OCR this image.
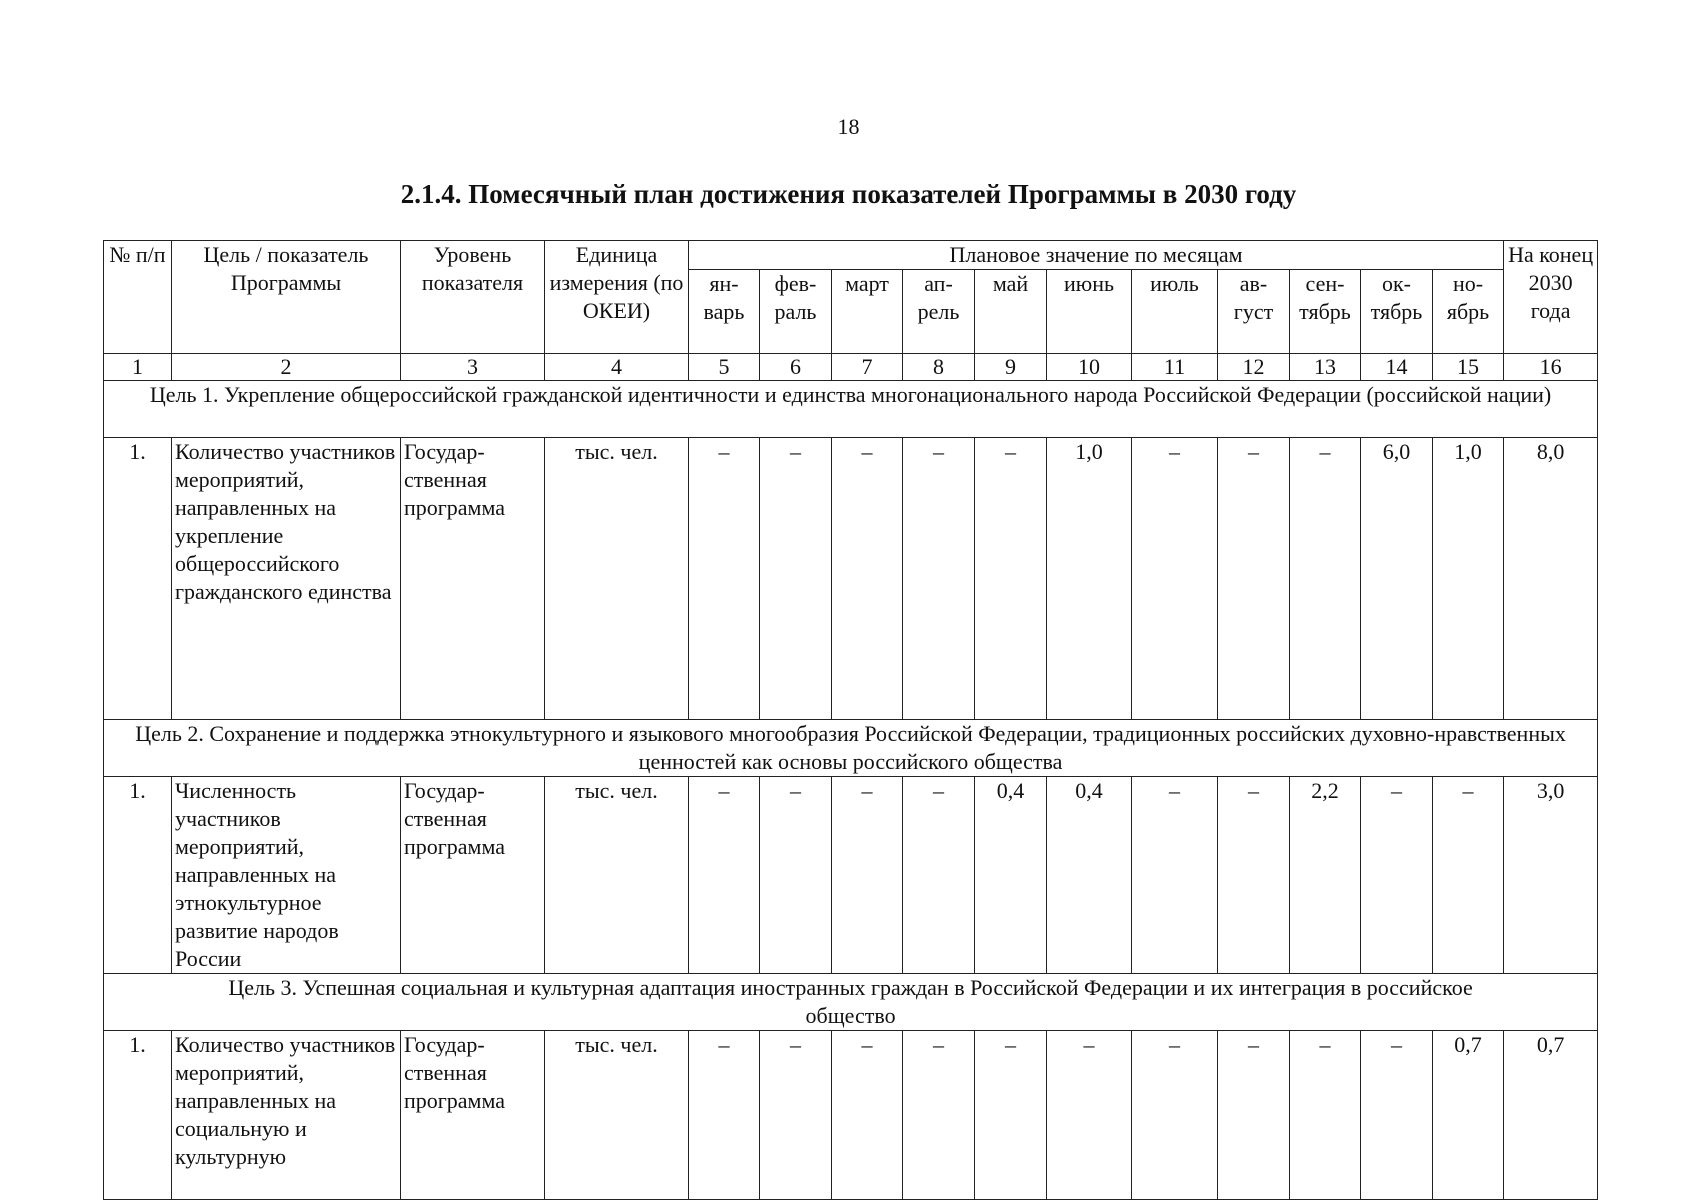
18
2.1.4. Помесячный план достижения показателей Программы в 2030 году
№ п/п	Цель / показатель Программы	Уровень показателя	Единица измерения (по ОКЕИ)	Плановое значение по месяцам											На конец 2030 года
				ян-варь	фев-раль	март	ап-рель	май	июнь	июль	ав-густ	сен-тябрь	ок-тябрь	но-ябрь	
1	2	3	4	5	6	7	8	9	10	11	12	13	14	15	16
Цель 1. Укрепление общероссийской гражданской идентичности и единства многонационального народа Российской Федерации (российской нации)															
1.	Количество участников мероприятий, направленных на укрепление общероссийского гражданского единства	Государ-ственная программа	тыс. чел.	–	–	–	–	–	1,0	–	–	–	6,0	1,0	8,0
Цель 2. Сохранение и поддержка этнокультурного и языкового многообразия Российской Федерации, традиционных российских духовно-нравственных ценностей как основы российского общества															
1.	Численность участников мероприятий, направленных на этнокультурное развитие народов России	Государ-ственная программа	тыс. чел.	–	–	–	–	0,4	0,4	–	–	2,2	–	–	3,0
Цель 3. Успешная социальная и культурная адаптация иностранных граждан в Российской Федерации и их интеграция в российское общество															
1.	Количество участников мероприятий, направленных на социальную и культурную	Государ-ственная программа	тыс. чел.	–	–	–	–	–	–	–	–	–	–	0,7	0,7
